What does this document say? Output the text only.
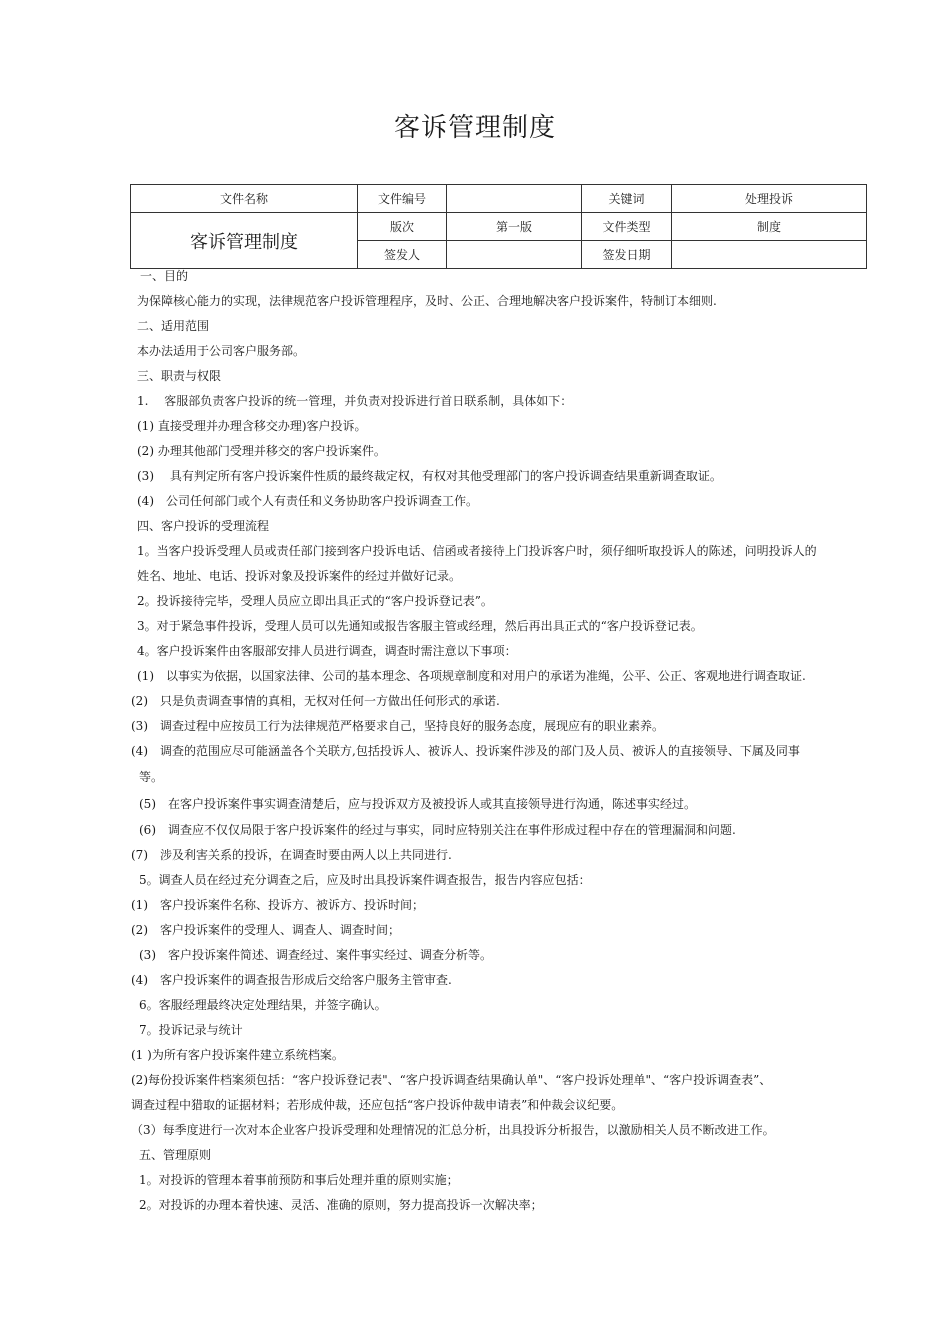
客诉管理制度
文件名称	文件编号		关键词	处理投诉
客诉管理制度	版次	第一版	文件类型	制度
	签发人		签发日期	
一、目的
为保障核心能力的实现，法律规范客户投诉管理程序，及时、公正、合理地解决客户投诉案件，特制订本细则.
二、适用范围
本办法适用于公司客户服务部。
三、职责与权限
1.　 客服部负责客户投诉的统一管理，并负责对投诉进行首日联系制，具体如下：
(1) 直接受理并办理含移交办理)客户投诉。
(2) 办理其他部门受理并移交的客户投诉案件。
(3)　 具有判定所有客户投诉案件性质的最终裁定权，有权对其他受理部门的客户投诉调查结果重新调查取证。
(4)　公司任何部门或个人有责任和义务协助客户投诉调查工作。
四、客户投诉的受理流程
1。当客户投诉受理人员或责任部门接到客户投诉电话、信函或者接待上门投诉客户时，须仔细听取投诉人的陈述，问明投诉人的
姓名、地址、电话、投诉对象及投诉案件的经过并做好记录。
2。投诉接待完毕，受理人员应立即出具正式的“客户投诉登记表”。
3。对于紧急事件投诉，受理人员可以先通知或报告客服主管或经理，然后再出具正式的“客户投诉登记表。
4。客户投诉案件由客服部安排人员进行调查，调查时需注意以下事项：
(1)　以事实为依据，以国家法律、公司的基本理念、各项规章制度和对用户的承诺为准绳，公平、公正、客观地进行调查取证.
(2)　只是负责调查事情的真相，无权对任何一方做出任何形式的承诺.
(3)　调查过程中应按员工行为法律规范严格要求自己，坚持良好的服务态度，展现应有的职业素养。
(4)　调查的范围应尽可能涵盖各个关联方,包括投诉人、被诉人、投诉案件涉及的部门及人员、被诉人的直接领导、下属及同事
等。
(5)　在客户投诉案件事实调查清楚后，应与投诉双方及被投诉人或其直接领导进行沟通，陈述事实经过。
(6)　调查应不仅仅局限于客户投诉案件的经过与事实，同时应特别关注在事件形成过程中存在的管理漏洞和问题.
(7)　涉及利害关系的投诉，在调查时要由两人以上共同进行.
5。调查人员在经过充分调查之后，应及时出具投诉案件调查报告，报告内容应包括：
(1)　客户投诉案件名称、投诉方、被诉方、投诉时间；
(2)　客户投诉案件的受理人、调查人、调查时间；
(3)　客户投诉案件简述、调查经过、案件事实经过、调查分析等。
(4)　客户投诉案件的调查报告形成后交给客户服务主管审查.
6。客服经理最终决定处理结果，并签字确认。
7。投诉记录与统计
(1 )为所有客户投诉案件建立系统档案。
(2)每份投诉案件档案须包括：“客户投诉登记表"、“客户投诉调查结果确认单"、“客户投诉处理单"、“客户投诉调查表”、
调查过程中猎取的证据材料；若形成仲裁，还应包括“客户投诉仲裁申请表”和仲裁会议纪要。
（3）每季度进行一次对本企业客户投诉受理和处理情况的汇总分析，出具投诉分析报告，以激励相关人员不断改进工作。
五、管理原则
1。对投诉的管理本着事前预防和事后处理并重的原则实施；
2。对投诉的办理本着快速、灵活、准确的原则，努力提高投诉一次解决率；
